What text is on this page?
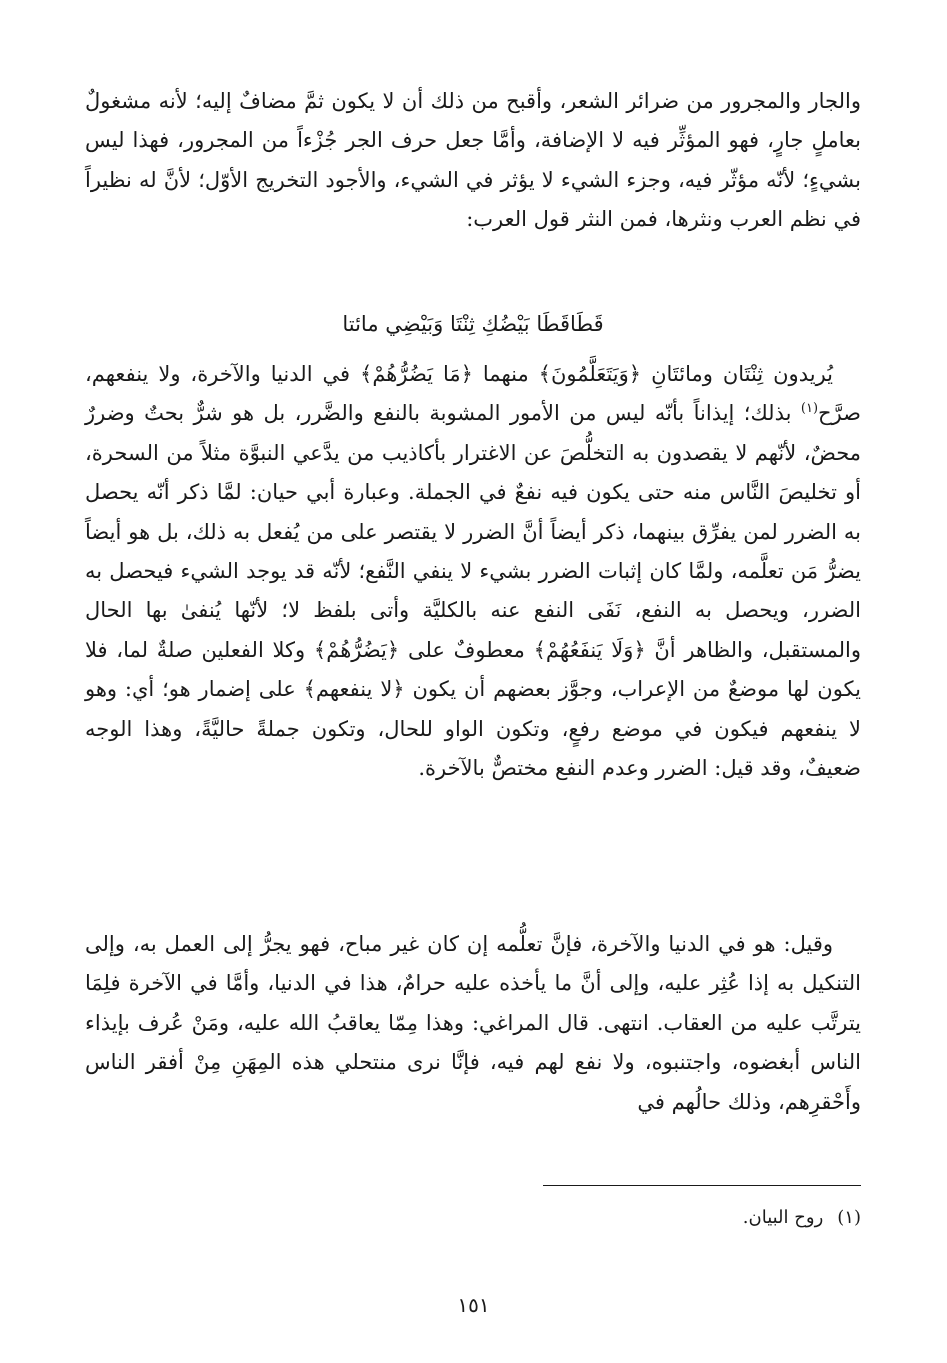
والجار والمجرور من ضرائر الشعر، وأقبح من ذلك أن لا يكون ثمَّ مضافٌ إليه؛ لأنه مشغولٌ بعاملٍ جارٍ، فهو المؤثِّر فيه لا الإضافة، وأمَّا جعل حرف الجر جُزْءاً من المجرور، فهذا ليس بشيءٍ؛ لأنّه مؤثّر فيه، وجزء الشيء لا يؤثر في الشيء، والأجود التخريج الأوّل؛ لأنَّ له نظيراً في نظم العرب ونثرها، فمن النثر قول العرب:

قَطَاقَطَا بَيْضُكِ ثِنْتَا وَبَيْضِي مائتا

يُريدون ثِنْتَان ومائتَانِ ﴿وَيَتَعَلَّمُونَ﴾ منهما ﴿مَا يَضُرُّهُمْ﴾ في الدنيا والآخرة، ولا ينفعهم، صرَّح$^{(١)}$ بذلك؛ إيذاناً بأنّه ليس من الأمور المشوبة بالنفع والضَّرر، بل هو شرٌّ بحتٌ وضررٌ محضٌ، لأنّهم لا يقصدون به التخلُّصَ عن الاغترار بأكاذيب من يدَّعي النبوَّة مثلاً من السحرة، أو تخليصَ النَّاس منه حتى يكون فيه نفعٌ في الجملة. وعبارة أبي حيان: لمَّا ذكر أنّه يحصل به الضرر لمن يفرِّق بينهما، ذكر أيضاً أنَّ الضرر لا يقتصر على من يُفعل به ذلك، بل هو أيضاً يضرُّ مَن تعلَّمه، ولمَّا كان إثبات الضرر بشيء لا ينفي النَّفع؛ لأنّه قد يوجد الشيء فيحصل به الضرر، ويحصل به النفع، نَفَى النفع عنه بالكليَّة وأتى بلفظ لا؛ لأنّها يُنفىٰ بها الحال والمستقبل، والظاهر أنَّ ﴿وَلَا يَنفَعُهُمْ﴾ معطوفٌ على ﴿يَضُرُّهُمْ﴾ وكلا الفعلين صلةٌ لما، فلا يكون لها موضعٌ من الإعراب، وجوَّز بعضهم أن يكون ﴿لا ينفعهم﴾ على إضمار هو؛ أي: وهو لا ينفعهم فيكون في موضع رفعٍ، وتكون الواو للحال، وتكون جملةً حاليَّةً، وهذا الوجه ضعيفٌ، وقد قيل: الضرر وعدم النفع مختصٌّ بالآخرة.

وقيل: هو في الدنيا والآخرة، فإنَّ تعلُّمه إن كان غير مباح، فهو يجرُّ إلى العمل به، وإلى التنكيل به إذا عُثِر عليه، وإلى أنَّ ما يأخذه عليه حرامٌ، هذا في الدنيا، وأمَّا في الآخرة فلِمَا يترتَّب عليه من العقاب. انتهى. قال المراغي: وهذا مِمّا يعاقبُ الله عليه، ومَنْ عُرف بإيذاء الناس أبغضوه، واجتنبوه، ولا نفع لهم فيه، فإنَّا نرى منتحلي هذه المِهَنِ مِنْ أفقر الناس وأَحْقرِهم، وذلك حالُهم في

(١)روح البيان.
١٥١
